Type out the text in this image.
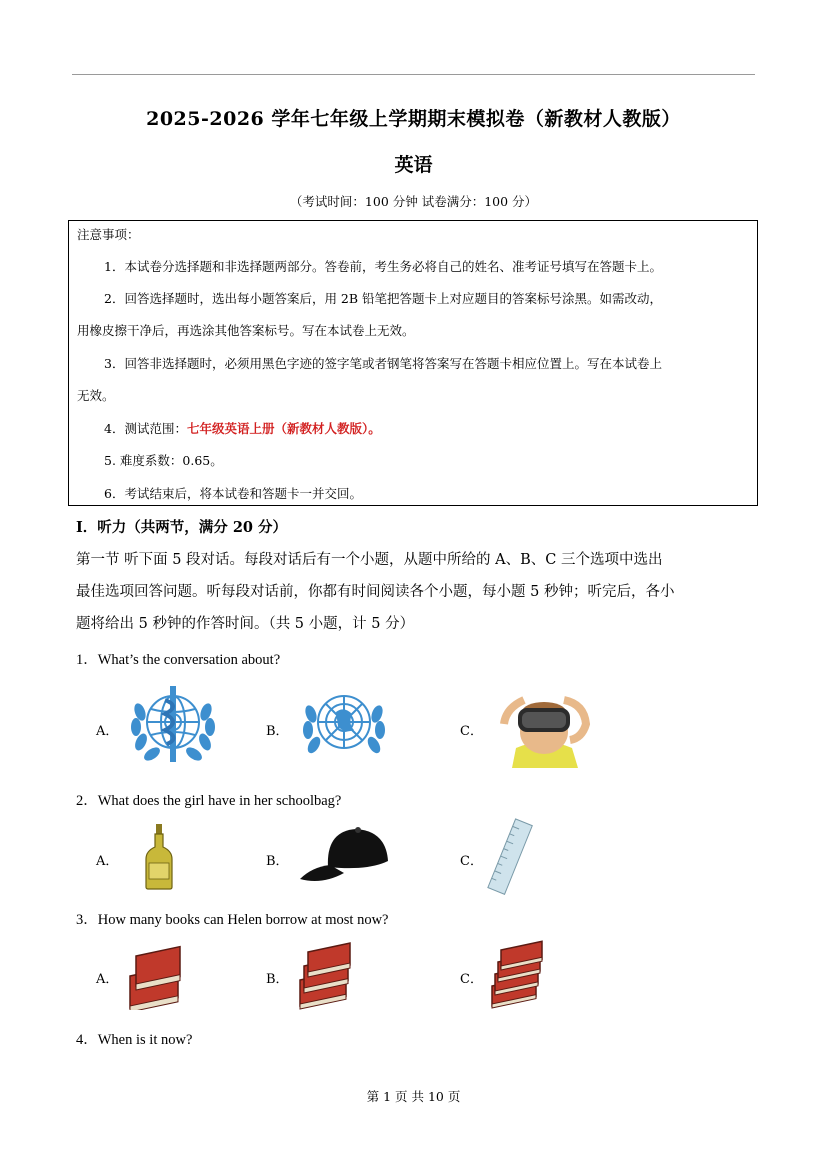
2025-2026 学年七年级上学期期末模拟卷（新教材人教版）
英语
（考试时间：100 分钟 试卷满分：100 分）
注意事项：
1．本试卷分选择题和非选择题两部分。答卷前，考生务必将自己的姓名、准考证号填写在答题卡上。
2．回答选择题时，选出每小题答案后，用 2B 铅笔把答题卡上对应题目的答案标号涂黑。如需改动，
用橡皮擦干净后，再选涂其他答案标号。写在本试卷上无效。
3．回答非选择题时，必须用黑色字迹的签字笔或者钢笔将答案写在答题卡相应位置上。写在本试卷上
无效。
4．测试范围：七年级英语上册（新教材人教版）。
5. 难度系数：0.65。
6．考试结束后，将本试卷和答题卡一并交回。
I．听力（共两节，满分 20 分）
第一节 听下面 5 段对话。每段对话后有一个小题，从题中所给的 A、B、C 三个选项中选出
最佳选项回答问题。听每段对话前，你都有时间阅读各个小题，每小题 5 秒钟；听完后，各小
题将给出 5 秒钟的作答时间。（共 5 小题，计 5 分）
1．What’s the conversation about?
A．	B．	C．
2．What does the girl have in her schoolbag?
A．	B．	C．
3．How many books can Helen borrow at most now?
A．	B．	C．
4．When is it now?
第 1 页 共 10 页
